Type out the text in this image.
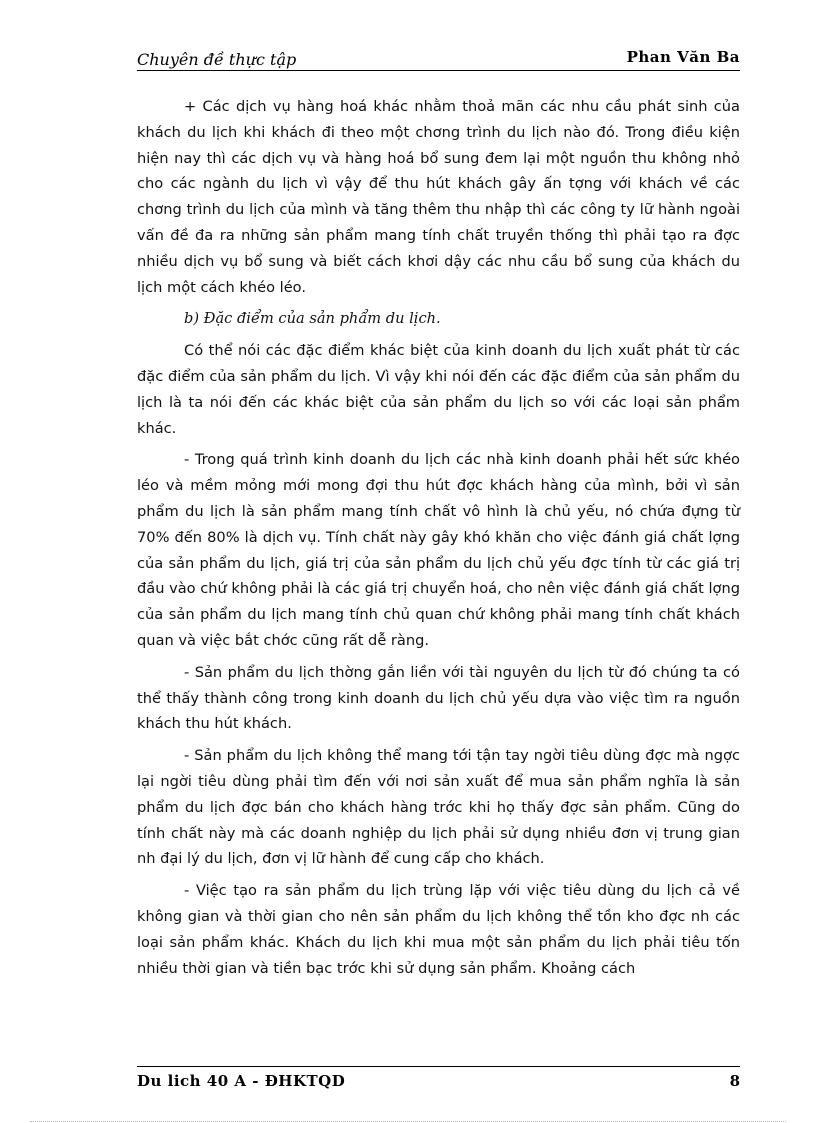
Chuyên đề thực tập	Phan Văn Ba

+ Các dịch vụ hàng hoá khác nhằm thoả mãn các nhu cầu phát sinh của khách du lịch khi khách đi theo một chơng trình du lịch nào đó. Trong điều kiện hiện nay thì các dịch vụ và hàng hoá bổ sung đem lại một nguồn thu không nhỏ cho các ngành du lịch vì vậy để thu hút khách gây ấn tợng với khách về các chơng trình du lịch của mình và tăng thêm thu nhập thì các công ty lữ hành ngoài vấn đề đa ra những sản phẩm mang tính chất truyền thống thì phải tạo ra đợc nhiều dịch vụ bổ sung và biết cách khơi dậy các nhu cầu bổ sung của khách du lịch một cách khéo léo.

b) Đặc điểm của sản phẩm du lịch.

Có thể nói các đặc điểm khác biệt của kinh doanh du lịch xuất phát từ các đặc điểm của sản phẩm du lịch. Vì vậy khi nói đến các đặc điểm của sản phẩm du lịch là ta nói đến các khác biệt của sản phẩm du lịch so với các loại sản phẩm khác.

- Trong quá trình kinh doanh du lịch các nhà kinh doanh phải hết sức khéo léo và mềm mỏng mới mong đợi thu hút đợc khách hàng của mình, bởi vì sản phẩm du lịch là sản phẩm mang tính chất vô hình là chủ yếu, nó chứa đựng từ 70% đến 80% là dịch vụ. Tính chất này gây khó khăn cho việc đánh giá chất lợng của sản phẩm du lịch, giá trị của sản phẩm du lịch chủ yếu đợc tính từ các giá trị đầu vào chứ không phải là các giá trị chuyển hoá, cho nên việc đánh giá chất lợng của sản phẩm du lịch mang tính chủ quan chứ không phải mang tính chất khách quan và việc bắt chớc cũng rất dễ ràng.

- Sản phẩm du lịch thờng gắn liền với tài nguyên du lịch từ đó chúng ta có thể thấy thành công trong kinh doanh du lịch chủ yếu dựa vào việc tìm ra nguồn khách thu hút khách.

- Sản phẩm du lịch không thể mang tới tận tay ngời tiêu dùng đợc mà ngợc lại ngời tiêu dùng phải tìm đến với nơi sản xuất để mua sản phẩm nghĩa là sản phẩm du lịch đợc bán cho khách hàng trớc khi họ thấy đợc sản phẩm. Cũng do tính chất này mà các doanh nghiệp du lịch phải sử dụng nhiều đơn vị trung gian nh đại lý du lịch, đơn vị lữ hành để cung cấp cho khách.

- Việc tạo ra sản phẩm du lịch trùng lặp với việc tiêu dùng du lịch cả về không gian và thời gian cho nên sản phẩm du lịch không thể tồn kho đợc nh các loại sản phẩm khác. Khách du lịch khi mua một sản phẩm du lịch phải tiêu tốn nhiều thời gian và tiền bạc trớc khi sử dụng sản phẩm. Khoảng cách

Du lich 40 A - ĐHKTQD	8
